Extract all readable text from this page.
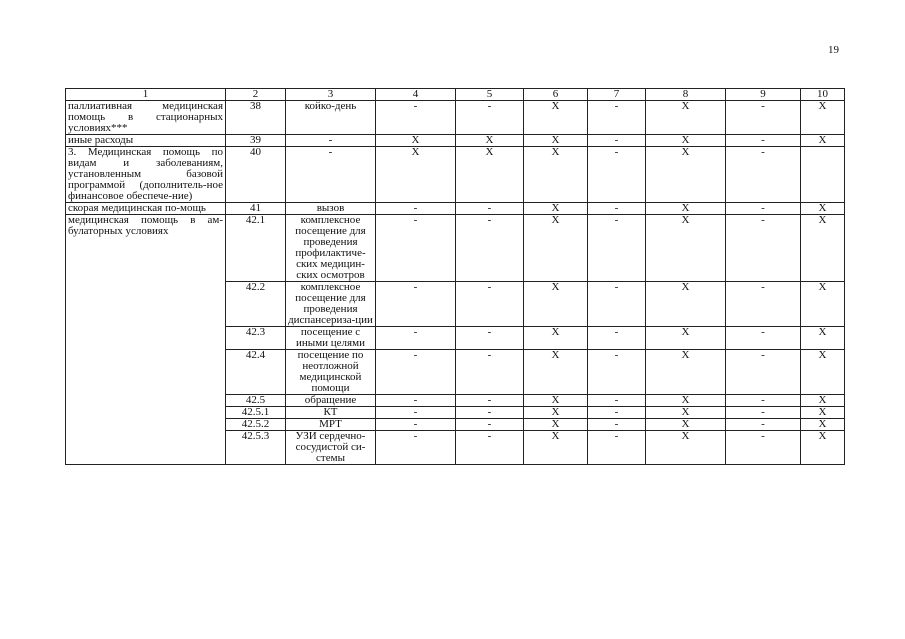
19
1	2	3	4	5	6	7	8	9	10
паллиативная медицинская помощь в стационарных условиях***	38	койко-день	-	-	X	-	X	-	X
иные расходы	39	-	X	X	X	-	X	-	X
3. Медицинская помощь по видам и заболеваниям, установленным базовой программой (дополнитель-ное финансовое обеспече-ние)	40	-	X	X	X	-	X	-	
скорая медицинская по-мощь	41	вызов	-	-	X	-	X	-	X
медицинская помощь в ам-булаторных условиях	42.1	комплексное посещение для проведения профилактиче-ских медицин-ских осмотров	-	-	X	-	X	-	X
	42.2	комплексное посещение для проведения диспансериза-ции	-	-	X	-	X	-	X
	42.3	посещение с иными целями	-	-	X	-	X	-	X
	42.4	посещение по неотложной медицинской помощи	-	-	X	-	X	-	X
	42.5	обращение	-	-	X	-	X	-	X
	42.5.1	КТ	-	-	X	-	X	-	X
	42.5.2	МРТ	-	-	X	-	X	-	X
	42.5.3	УЗИ сердечно-сосудистой си-стемы	-	-	X	-	X	-	X
